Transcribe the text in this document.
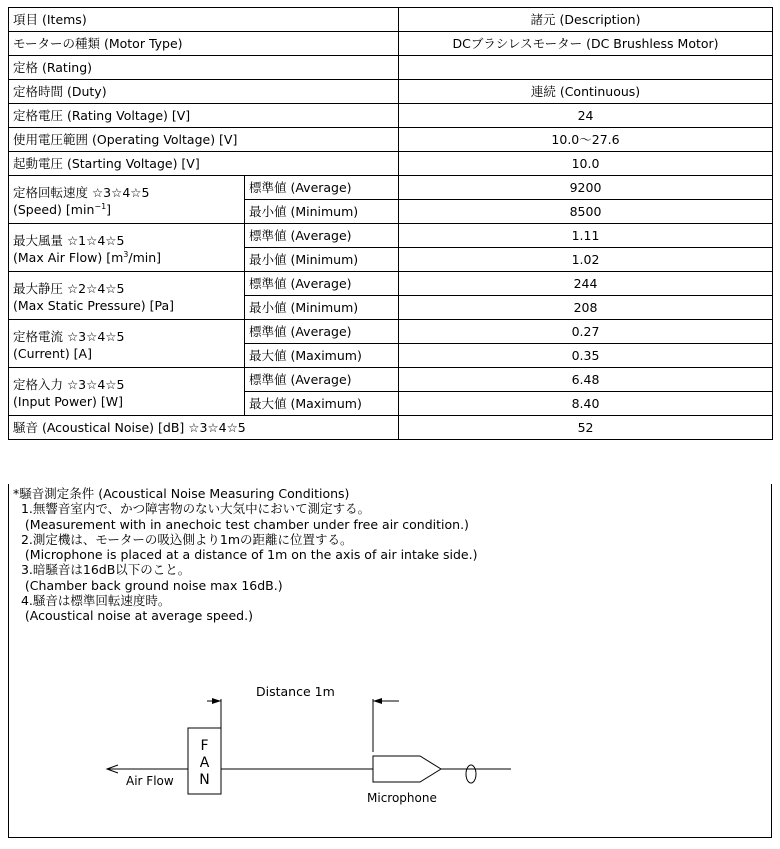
項目 (Items)		諸元 (Description)
モーターの種類 (Motor Type)		DCブラシレスモーター (DC Brushless Motor)
定格 (Rating)		
定格時間 (Duty)		連続 (Continuous)
定格電圧 (Rating Voltage) [V]		24
使用電圧範囲 (Operating Voltage) [V]		10.0〜27.6
起動電圧 (Starting Voltage) [V]		10.0

定格回転速度 ☆3☆4☆5
(Speed) $[\min^{-1}]$	標準値 (Average)	9200
	最小値 (Minimum)	8500

最大風量 ☆1☆4☆5
(Max Air Flow) $[m^3/\min]$	標準値 (Average)	1.11
	最小値 (Minimum)	1.02

最大静圧 ☆2☆4☆5
(Max Static Pressure) [Pa]	標準値 (Average)	244
	最小値 (Minimum)	208

定格電流 ☆3☆4☆5
(Current) [A]	標準値 (Average)	0.27
	最大値 (Maximum)	0.35

定格入力 ☆3☆4☆5
(Input Power) [W]	標準値 (Average)	6.48
	最大値 (Maximum)	8.40
騒音 (Acoustical Noise) [dB] ☆3☆4☆5		52
*騒音測定条件 (Acoustical Noise Measuring Conditions)
1.無響音室内で、かつ障害物のない大気中において測定する。
(Measurement with in anechoic test chamber under free air condition.)
2.測定機は、モーターの吸込側より1mの距離に位置する。
(Microphone is placed at a distance of 1m on the axis of air intake side.)
3.暗騒音は16dB以下のこと。
(Chamber back ground noise max 16dB.)
4.騒音は標準回転速度時。
(Acoustical noise at average speed.)
Distance 1m
F
A
N
Air Flow
Microphone
